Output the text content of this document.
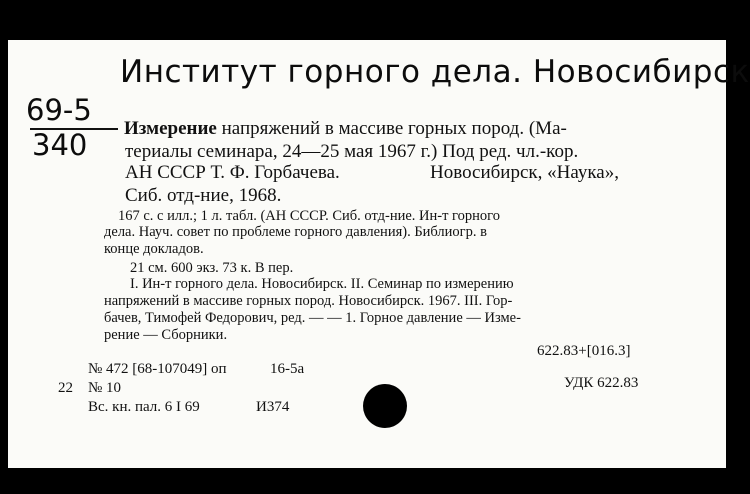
Институт горного дела. Новосибирск
69-5
340 Измерение напряжений в массиве горных пород. (Ма-
териалы семинара, 24—25 мая 1967 г.) Под ред. чл.-кор.
АН СССР Т. Ф. Горбачева.	Новосибирск, «Наука»,
Сиб. отд-ние, 1968.
167 с. с илл.; 1 л. табл. (АН СССР. Сиб. отд-ние. Ин-т горного
дела. Науч. совет по проблеме горного давления). Библиогр. в
конце докладов.
21 см. 600 экз. 73 к. В пер.
I. Ин-т горного дела. Новосибирск. II. Семинар по измерению
напряжений в массиве горных пород. Новосибирск. 1967. III. Гор-
бачев, Тимофей Федорович, ред. — — 1. Горное давление — Изме-
рение — Сборники.
622.83+[016.3]
УДК 622.83
№ 472 [68-107049] оп	16-5а
22 № 10
Вс. кн. пал. 6 I 69	И374
